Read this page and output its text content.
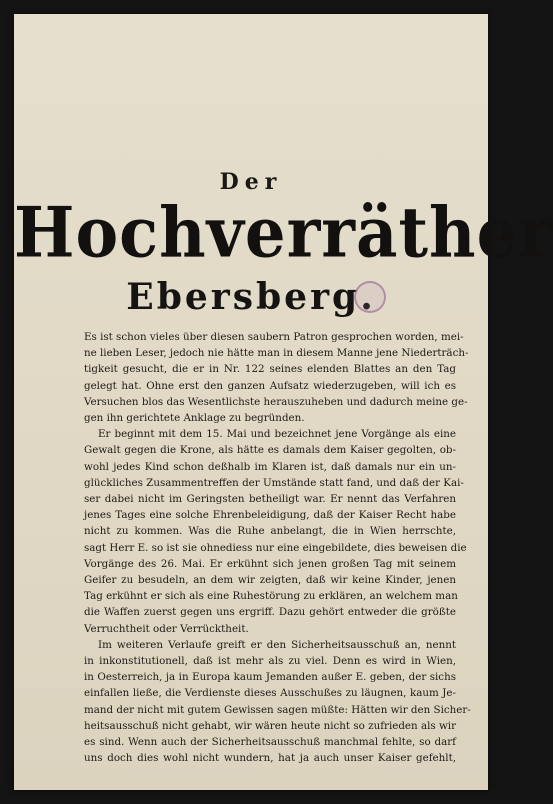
Der
Hochverräther
Ebersberg.
Es ist schon vieles über diesen saubern Patron gesprochen worden, mei-
ne lieben Leser, jedoch nie hätte man in diesem Manne jene Niederträch-
tigkeit gesucht, die er in Nr. 122 seines elenden Blattes an den Tag
gelegt hat. Ohne erst den ganzen Aufsatz wiederzugeben, will ich es
Versuchen blos das Wesentlichste herauszuheben und dadurch meine ge-
gen ihn gerichtete Anklage zu begründen.
Er beginnt mit dem 15. Mai und bezeichnet jene Vorgänge als eine
Gewalt gegen die Krone, als hätte es damals dem Kaiser gegolten, ob-
wohl jedes Kind schon deßhalb im Klaren ist, daß damals nur ein un-
glückliches Zusammentreffen der Umstände statt fand, und daß der Kai-
ser dabei nicht im Geringsten betheiligt war. Er nennt das Verfahren
jenes Tages eine solche Ehrenbeleidigung, daß der Kaiser Recht habe
nicht zu kommen. Was die Ruhe anbelangt, die in Wien herrschte,
sagt Herr E. so ist sie ohnediess nur eine eingebildete, dies beweisen die
Vorgänge des 26. Mai. Er erkühnt sich jenen großen Tag mit seinem
Geifer zu besudeln, an dem wir zeigten, daß wir keine Kinder, jenen
Tag erkühnt er sich als eine Ruhestörung zu erklären, an welchem man
die Waffen zuerst gegen uns ergriff. Dazu gehört entweder die größte
Verruchtheit oder Verrücktheit.
Im weiteren Verlaufe greift er den Sicherheitsausschuß an, nennt
in inkonstitutionell, daß ist mehr als zu viel. Denn es wird in Wien,
in Oesterreich, ja in Europa kaum Jemanden außer E. geben, der sichs
einfallen ließe, die Verdienste dieses Ausschußes zu läugnen, kaum Je-
mand der nicht mit gutem Gewissen sagen müßte: Hätten wir den Sicher-
heitsausschuß nicht gehabt, wir wären heute nicht so zufrieden als wir
es sind. Wenn auch der Sicherheitsausschuß manchmal fehlte, so darf
uns doch dies wohl nicht wundern, hat ja auch unser Kaiser gefehlt,
